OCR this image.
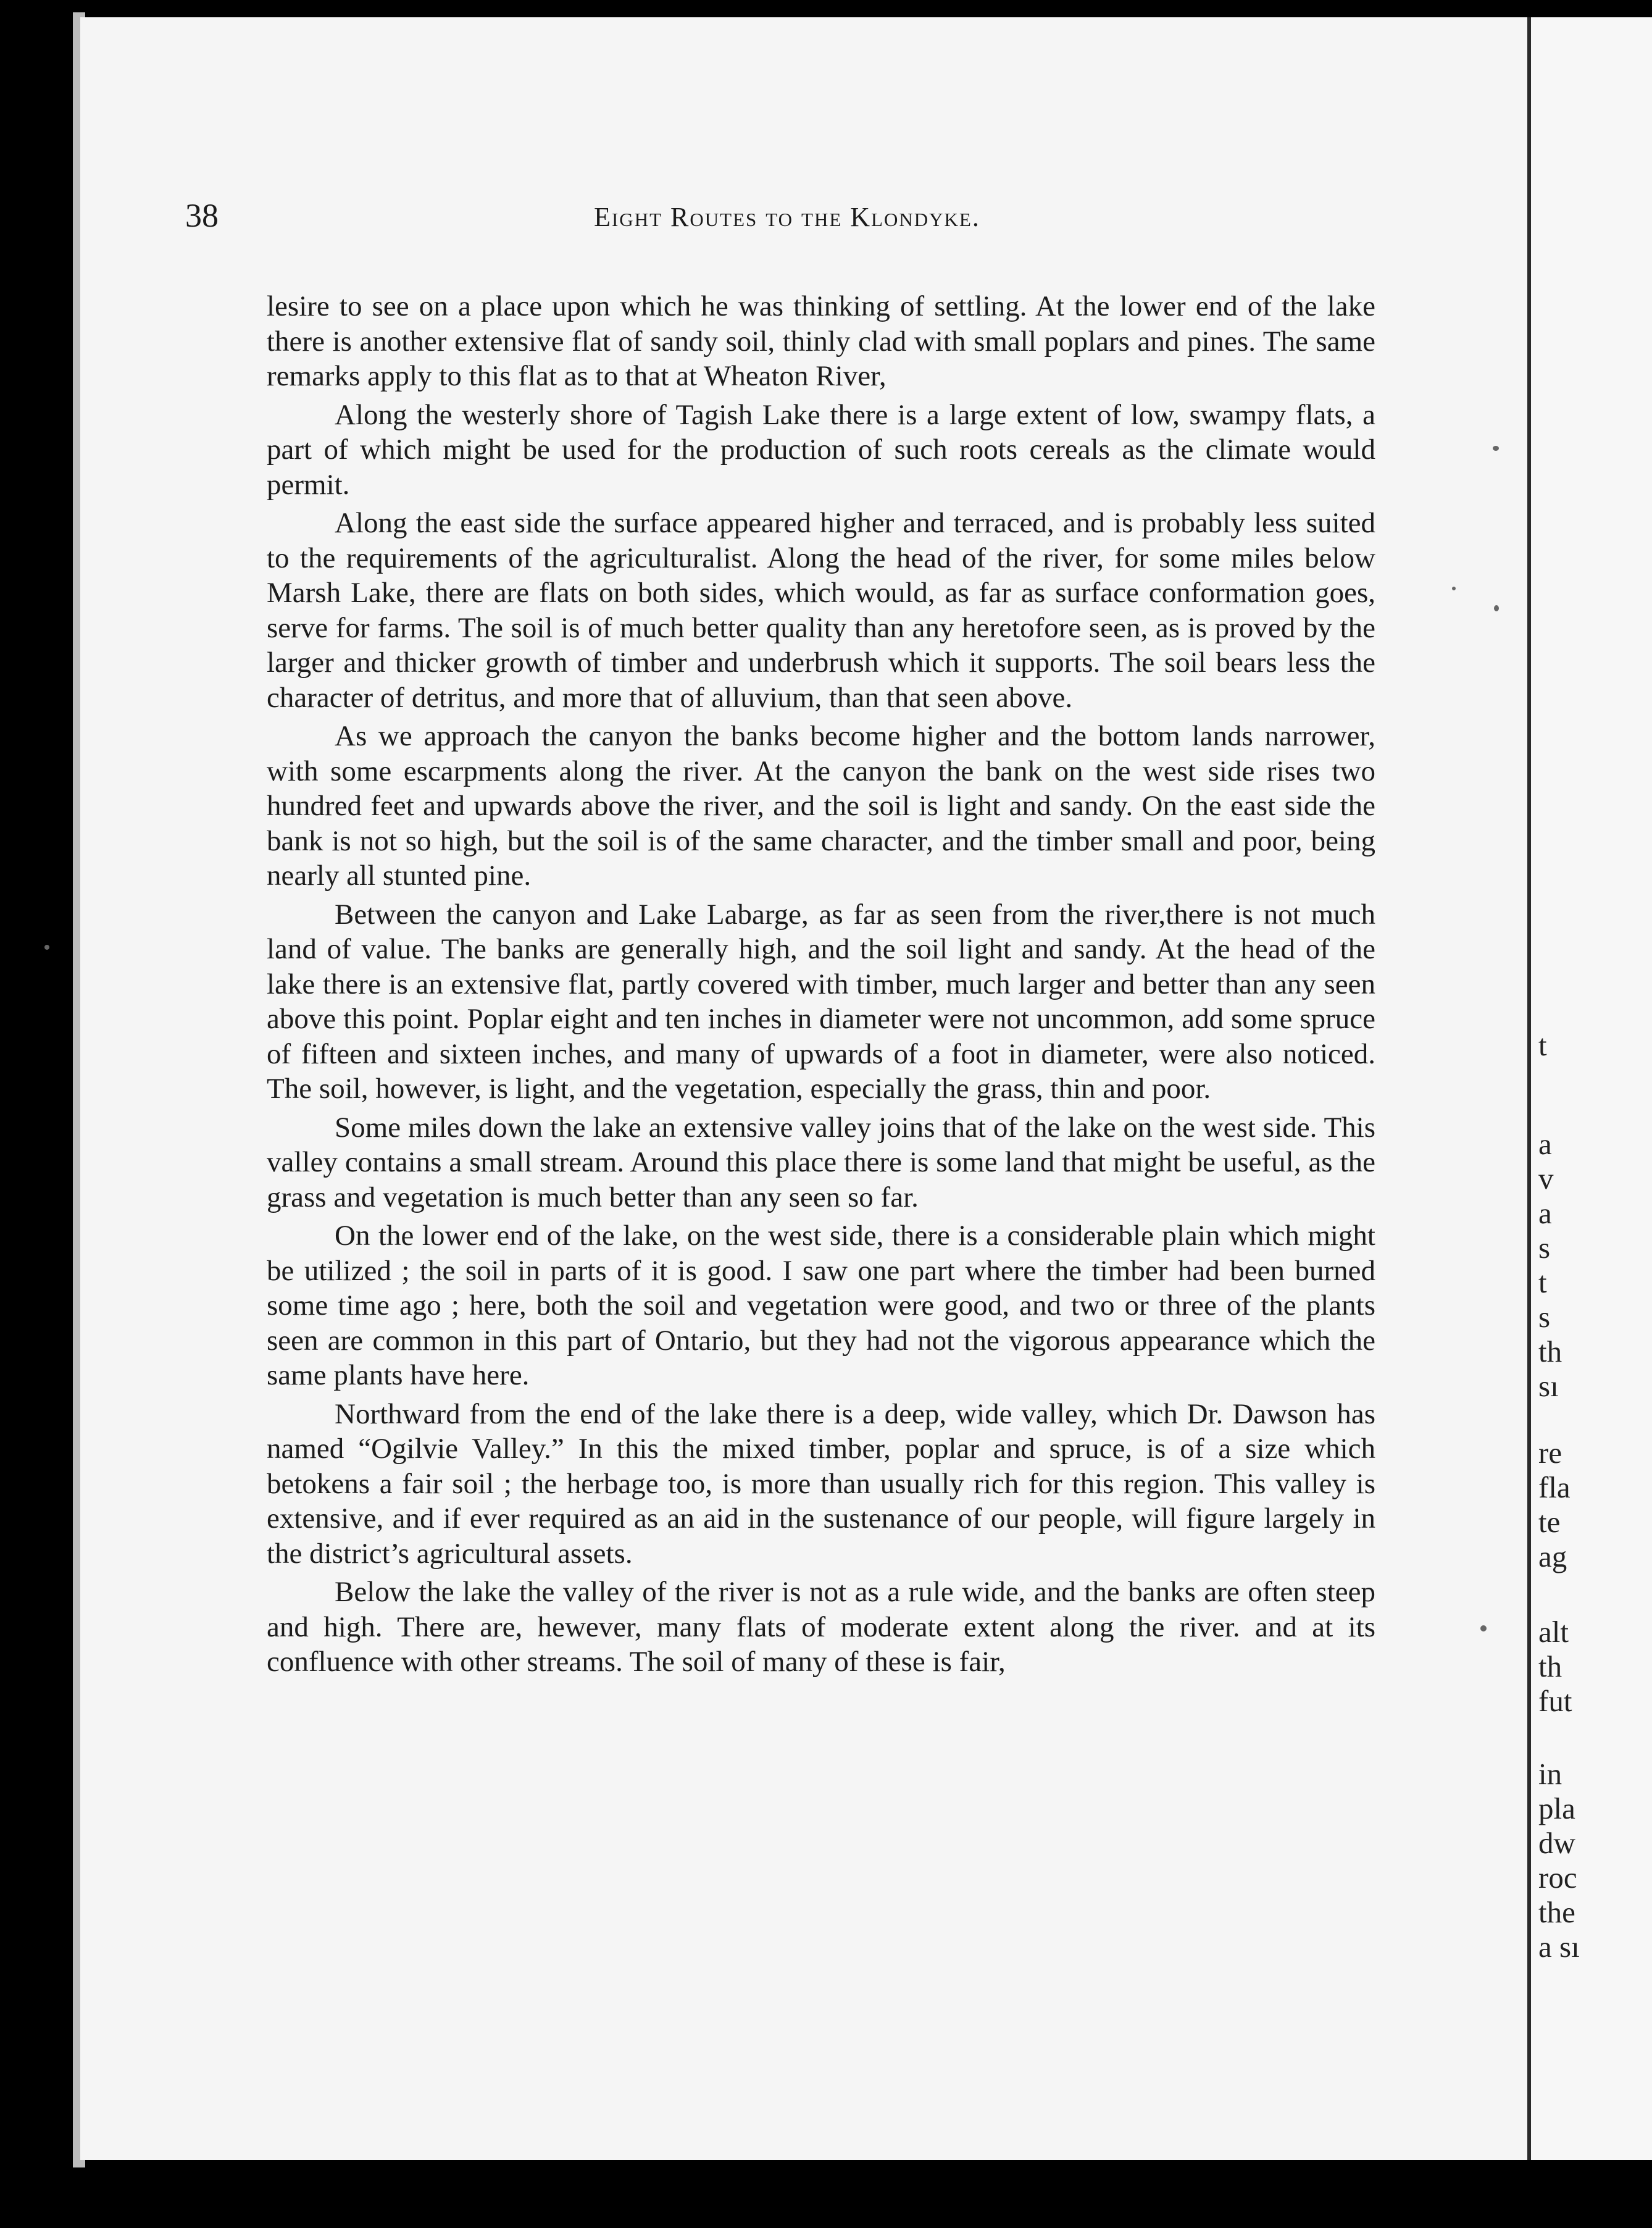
t
a
v
a
s
t
s
th
sı
re
fla
te
ag
alt
th
fut
in
pla
dw
roc
the
a sı
38	Eight Routes to the Klondyke.

lesire to see on a place upon which he was thinking of settling. At the lower end of the lake there is another extensive flat of sandy soil, thinly clad with small poplars and pines. The same remarks apply to this flat as to that at Wheaton River,

Along the westerly shore of Tagish Lake there is a large extent of low, swampy flats, a part of which might be used for the production of such roots cereals as the climate would permit.

Along the east side the surface appeared higher and terraced, and is probably less suited to the requirements of the agriculturalist. Along the head of the river, for some miles below Marsh Lake, there are flats on both sides, which would, as far as surface conformation goes, serve for farms. The soil is of much better quality than any heretofore seen, as is proved by the larger and thicker growth of timber and underbrush which it supports. The soil bears less the character of detritus, and more that of alluvium, than that seen above.

As we approach the canyon the banks become higher and the bottom lands narrower, with some escarpments along the river. At the canyon the bank on the west side rises two hundred feet and upwards above the river, and the soil is light and sandy. On the east side the bank is not so high, but the soil is of the same character, and the timber small and poor, being nearly all stunted pine.

Between the canyon and Lake Labarge, as far as seen from the river,there is not much land of value. The banks are generally high, and the soil light and sandy. At the head of the lake there is an extensive flat, partly covered with timber, much larger and better than any seen above this point. Poplar eight and ten inches in diameter were not uncommon, add some spruce of fifteen and sixteen inches, and many of upwards of a foot in diameter, were also noticed. The soil, however, is light, and the vegetation, especially the grass, thin and poor.

Some miles down the lake an extensive valley joins that of the lake on the west side. This valley contains a small stream. Around this place there is some land that might be useful, as the grass and vegetation is much better than any seen so far.

On the lower end of the lake, on the west side, there is a considerable plain which might be utilized ; the soil in parts of it is good. I saw one part where the timber had been burned some time ago ; here, both the soil and vegetation were good, and two or three of the plants seen are common in this part of Ontario, but they had not the vigorous appearance which the same plants have here.

Northward from the end of the lake there is a deep, wide valley, which Dr. Dawson has named “Ogilvie Valley.” In this the mixed timber, poplar and spruce, is of a size which betokens a fair soil ; the herbage too, is more than usually rich for this region. This valley is extensive, and if ever required as an aid in the sustenance of our people, will figure largely in the district’s agricultural assets.

Below the lake the valley of the river is not as a rule wide, and the banks are often steep and high. There are, hewever, many flats of moderate extent along the river. and at its confluence with other streams. The soil of many of these is fair,
